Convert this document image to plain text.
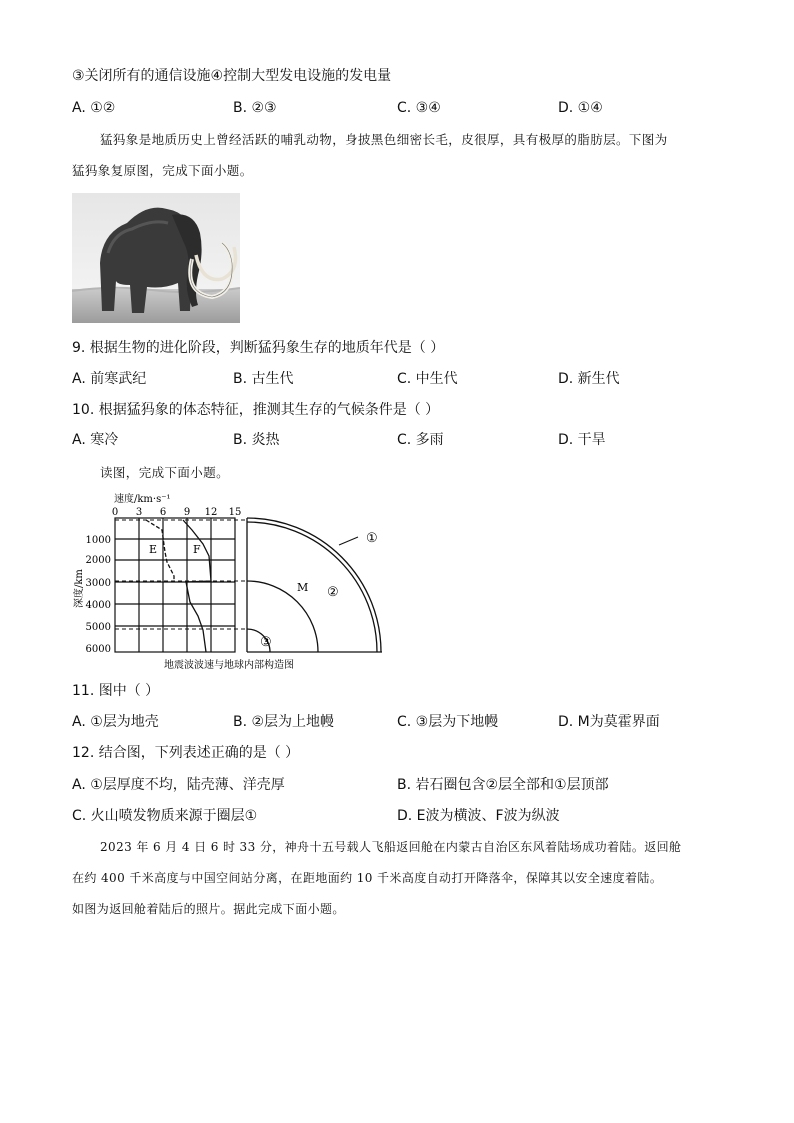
③关闭所有的通信设施④控制大型发电设施的发电量
A. ①②	B. ②③	C. ③④	D. ①④
猛犸象是地质历史上曾经活跃的哺乳动物，身披黑色细密长毛，皮很厚，具有极厚的脂肪层。下图为
猛犸象复原图，完成下面小题。
9. 根据生物的进化阶段，判断猛犸象生存的地质年代是（ ）
A. 前寒武纪	B. 古生代	C. 中生代	D. 新生代
10. 根据猛犸象的体态特征，推测其生存的气候条件是（ ）
A. 寒冷	B. 炎热	C. 多雨	D. 干旱
读图，完成下面小题。
速度/km·s⁻¹
0 3 6 9 12 15
深度/km
1000
2000
3000
4000
5000
6000
E	F
①
②
M
③
地震波波速与地球内部构造图
11. 图中（ ）
A. ①层为地壳	B. ②层为上地幔	C. ③层为下地幔	D. M为莫霍界面
12. 结合图，下列表述正确的是（ ）
A. ①层厚度不均，陆壳薄、洋壳厚	B. 岩石圈包含②层全部和①层顶部
C. 火山喷发物质来源于圈层①	D. E波为横波、F波为纵波
2023 年 6 月 4 日 6 时 33 分，神舟十五号载人飞船返回舱在内蒙古自治区东风着陆场成功着陆。返回舱
在约 400 千米高度与中国空间站分离，在距地面约 10 千米高度自动打开降落伞，保障其以安全速度着陆。
如图为返回舱着陆后的照片。据此完成下面小题。
